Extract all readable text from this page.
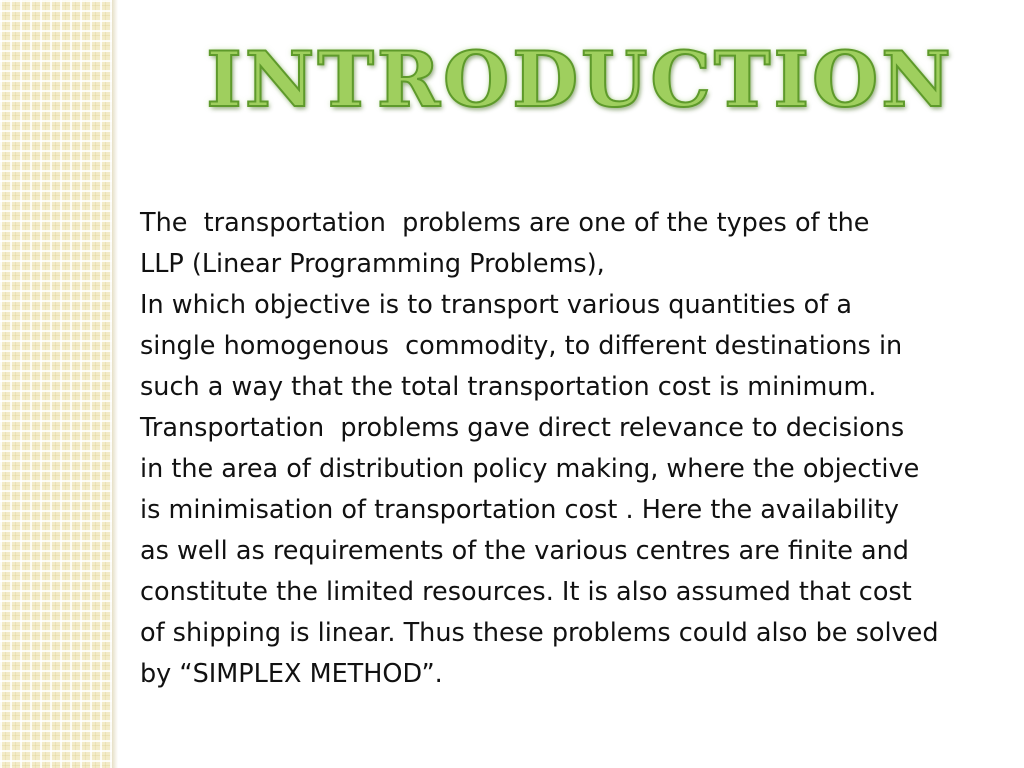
INTRODUCTION

The  transportation  problems are one of the types of the
LLP (Linear Programming Problems),
In which objective is to transport various quantities of a
single homogenous  commodity, to different destinations in
such a way that the total transportation cost is minimum.
Transportation  problems gave direct relevance to decisions
in the area of distribution policy making, where the objective
is minimisation of transportation cost . Here the availability
as well as requirements of the various centres are finite and
constitute the limited resources. It is also assumed that cost
of shipping is linear. Thus these problems could also be solved
by “SIMPLEX METHOD”.
